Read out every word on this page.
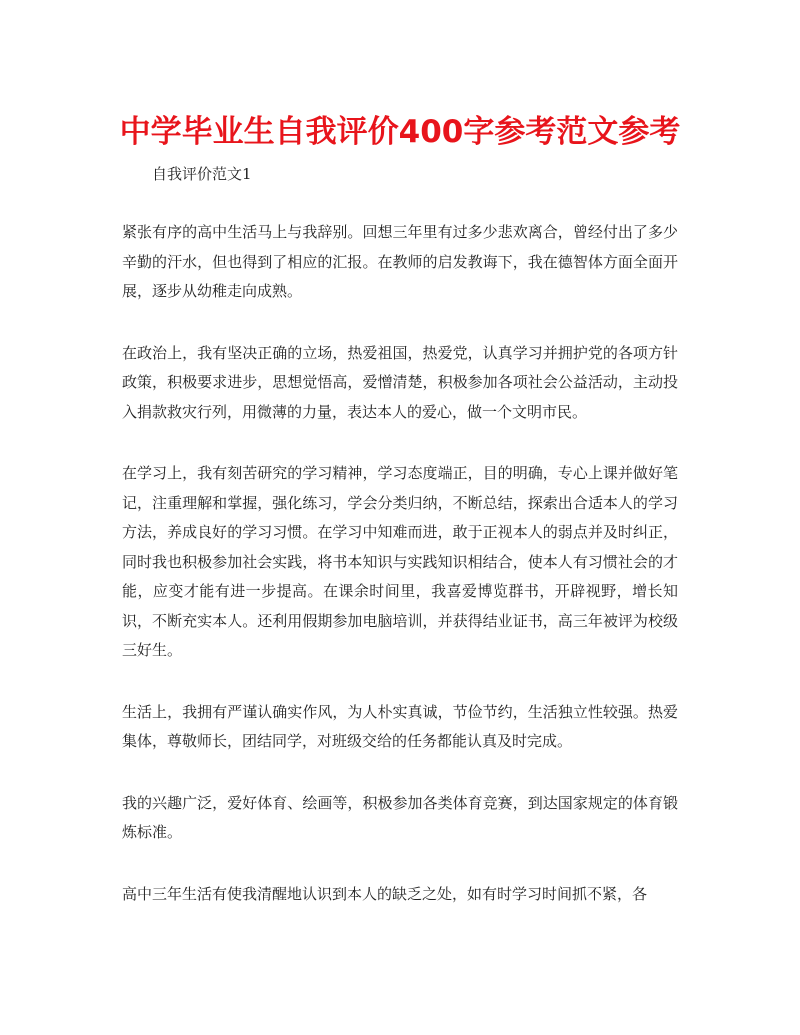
中学毕业生自我评价400字参考范文参考
自我评价范文1

紧张有序的高中生活马上与我辞别。回想三年里有过多少悲欢离合，曾经付出了多少辛勤的汗水，但也得到了相应的汇报。在教师的启发教诲下，我在德智体方面全面开展，逐步从幼稚走向成熟。

在政治上，我有坚决正确的立场，热爱祖国，热爱党，认真学习并拥护党的各项方针政策，积极要求进步，思想觉悟高，爱憎清楚，积极参加各项社会公益活动，主动投入捐款救灾行列，用微薄的力量，表达本人的爱心，做一个文明市民。

在学习上，我有刻苦研究的学习精神，学习态度端正，目的明确，专心上课并做好笔记，注重理解和掌握，强化练习，学会分类归纳，不断总结，探索出合适本人的学习方法，养成良好的学习习惯。在学习中知难而进，敢于正视本人的弱点并及时纠正，同时我也积极参加社会实践，将书本知识与实践知识相结合，使本人有习惯社会的才能，应变才能有进一步提高。在课余时间里，我喜爱博览群书，开辟视野，增长知识，不断充实本人。还利用假期参加电脑培训，并获得结业证书，高三年被评为校级三好生。

生活上，我拥有严谨认确实作风，为人朴实真诚，节俭节约，生活独立性较强。热爱集体，尊敬师长，团结同学，对班级交给的任务都能认真及时完成。

我的兴趣广泛，爱好体育、绘画等，积极参加各类体育竞赛，到达国家规定的体育锻炼标准。

高中三年生活有使我清醒地认识到本人的缺乏之处，如有时学习时间抓不紧，各
